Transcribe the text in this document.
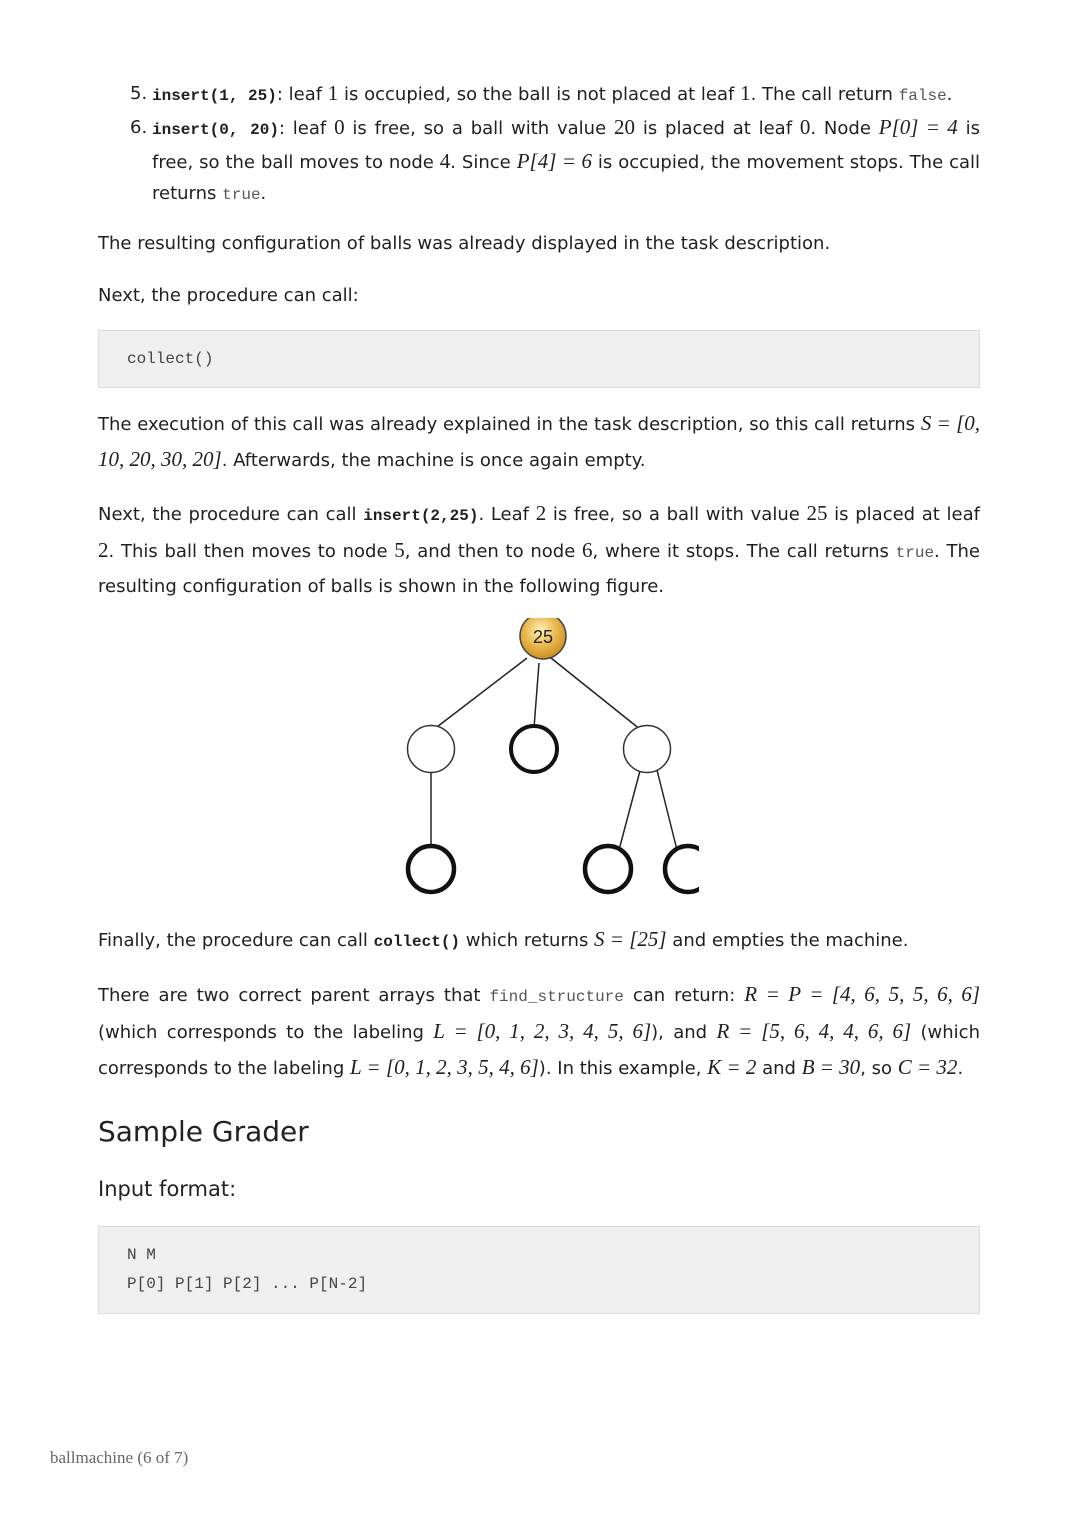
5. insert(1, 25): leaf 1 is occupied, so the ball is not placed at leaf 1. The call return false.
6. insert(0, 20): leaf 0 is free, so a ball with value 20 is placed at leaf 0. Node P[0] = 4 is free, so the ball moves to node 4. Since P[4] = 6 is occupied, the movement stops. The call returns true.

The resulting configuration of balls was already displayed in the task description.

Next, the procedure can call:

collect()

The execution of this call was already explained in the task description, so this call returns S = [0, 10, 20, 30, 20]. Afterwards, the machine is once again empty.

Next, the procedure can call insert(2,25). Leaf 2 is free, so a ball with value 25 is placed at leaf 2. This ball then moves to node 5, and then to node 6, where it stops. The call returns true. The resulting configuration of balls is shown in the following figure.

25

Finally, the procedure can call collect() which returns S = [25] and empties the machine.

There are two correct parent arrays that find_structure can return: R = P = [4, 6, 5, 5, 6, 6] (which corresponds to the labeling L = [0, 1, 2, 3, 4, 5, 6]), and R = [5, 6, 4, 4, 6, 6] (which corresponds to the labeling L = [0, 1, 2, 3, 5, 4, 6]). In this example, K = 2 and B = 30, so C = 32.

Sample Grader
Input format:
N M
P[0] P[1] P[2] ... P[N-2]
ballmachine (6 of 7)
